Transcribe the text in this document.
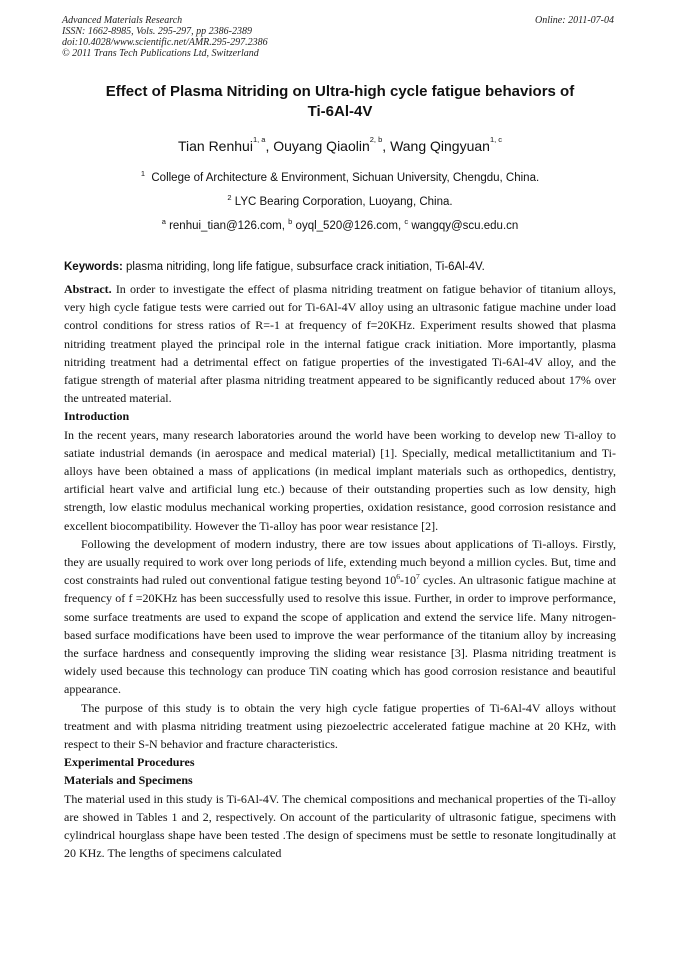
Advanced Materials Research
ISSN: 1662-8985, Vols. 295-297, pp 2386-2389
doi:10.4028/www.scientific.net/AMR.295-297.2386
© 2011 Trans Tech Publications Ltd, Switzerland
Online: 2011-07-04
Effect of Plasma Nitriding on Ultra-high cycle fatigue behaviors of
Ti-6Al-4V
Tian Renhui$^{1, a}$, Ouyang Qiaolin$^{2, b}$, Wang Qingyuan$^{1, c}$
$^1$ College of Architecture & Environment, Sichuan University, Chengdu, China.
$^2$ LYC Bearing Corporation, Luoyang, China.
$^a$ renhui_tian@126.com, $^b$ oyql_520@126.com, $^c$ wangqy@scu.edu.cn
Keywords: plasma nitriding, long life fatigue, subsurface crack initiation, Ti-6Al-4V.

Abstract. In order to investigate the effect of plasma nitriding treatment on fatigue behavior of titanium alloys, very high cycle fatigue tests were carried out for Ti-6Al-4V alloy using an ultrasonic fatigue machine under load control conditions for stress ratios of R=-1 at frequency of f=20KHz. Experiment results showed that plasma nitriding treatment played the principal role in the internal fatigue crack initiation. More importantly, plasma nitriding treatment had a detrimental effect on fatigue properties of the investigated Ti-6Al-4V alloy, and the fatigue strength of material after plasma nitriding treatment appeared to be significantly reduced about 17% over the untreated material.

Introduction

In the recent years, many research laboratories around the world have been working to develop new Ti-alloy to satiate industrial demands (in aerospace and medical material) [1]. Specially, medical metallictitanium and Ti-alloys have been obtained a mass of applications (in medical implant materials such as orthopedics, dentistry, artificial heart valve and artificial lung etc.) because of their outstanding properties such as low density, high strength, low elastic modulus mechanical working properties, oxidation resistance, good corrosion resistance and excellent biocompatibility. However the Ti-alloy has poor wear resistance [2].

Following the development of modern industry, there are tow issues about applications of Ti-alloys. Firstly, they are usually required to work over long periods of life, extending much beyond a million cycles. But, time and cost constraints had ruled out conventional fatigue testing beyond $10^6-10^7$ cycles. An ultrasonic fatigue machine at frequency of f =20KHz has been successfully used to resolve this issue. Further, in order to improve performance, some surface treatments are used to expand the scope of application and extend the service life. Many nitrogen-based surface modifications have been used to improve the wear performance of the titanium alloy by increasing the surface hardness and consequently improving the sliding wear resistance [3]. Plasma nitriding treatment is widely used because this technology can produce TiN coating which has good corrosion resistance and beautiful appearance.

The purpose of this study is to obtain the very high cycle fatigue properties of Ti-6Al-4V alloys without treatment and with plasma nitriding treatment using piezoelectric accelerated fatigue machine at 20 KHz, with respect to their S-N behavior and fracture characteristics.

Experimental Procedures

Materials and Specimens

The material used in this study is Ti-6Al-4V. The chemical compositions and mechanical properties of the Ti-alloy are showed in Tables 1 and 2, respectively. On account of the particularity of ultrasonic fatigue, specimens with cylindrical hourglass shape have been tested .The design of specimens must be settle to resonate longitudinally at 20 KHz. The lengths of specimens calculated
